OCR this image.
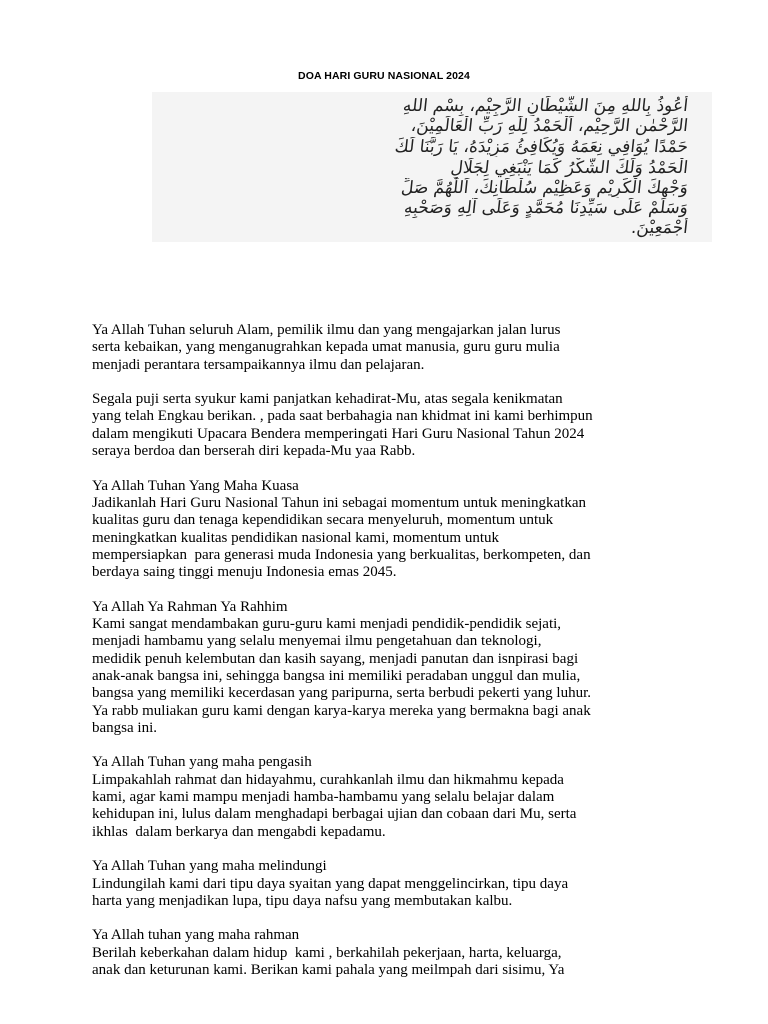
DOA HARI GURU NASIONAL 2024
أَعُوذُ بِاللهِ مِنَ الشَّيْطَانِ الرَّجِيْمِ، بِسْمِ اللهِ
الرَّحْمٰنِ الرَّحِيْمِ، اَلْحَمْدُ لِلّٰهِ رَبِّ الْعَالَمِيْنَ،
حَمْدًا يُوَافِي نِعَمَهُ وَيُكَافِئُ مَزِيْدَهُ، يَا رَبَّنَا لَكَ
الْحَمْدُ وَلَكَ الشُّكْرُ كَمَا يَنْبَغِي لِجَلَالِ
وَجْهِكَ الْكَرِيْمِ وَعَظِيْمِ سُلْطَانِكَ، اَللّٰهُمَّ صَلِّ
وَسَلِّمْ عَلَى سَيِّدِنَا مُحَمَّدٍ وَعَلَى آلِهِ وَصَحْبِهِ
أَجْمَعِيْنَ.
Ya Allah Tuhan seluruh Alam, pemilik ilmu dan yang mengajarkan jalan lurus
serta kebaikan, yang menganugrahkan kepada umat manusia, guru guru mulia
menjadi perantara tersampaikannya ilmu dan pelajaran.
Segala puji serta syukur kami panjatkan kehadirat-Mu, atas segala kenikmatan
yang telah Engkau berikan. , pada saat berbahagia nan khidmat ini kami berhimpun
dalam mengikuti Upacara Bendera memperingati Hari Guru Nasional Tahun 2024
seraya berdoa dan berserah diri kepada-Mu yaa Rabb.
Ya Allah Tuhan Yang Maha Kuasa
Jadikanlah Hari Guru Nasional Tahun ini sebagai momentum untuk meningkatkan
kualitas guru dan tenaga kependidikan secara menyeluruh, momentum untuk
meningkatkan kualitas pendidikan nasional kami, momentum untuk
mempersiapkan  para generasi muda Indonesia yang berkualitas, berkompeten, dan
berdaya saing tinggi menuju Indonesia emas 2045.
Ya Allah Ya Rahman Ya Rahhim
Kami sangat mendambakan guru-guru kami menjadi pendidik-pendidik sejati,
menjadi hambamu yang selalu menyemai ilmu pengetahuan dan teknologi,
medidik penuh kelembutan dan kasih sayang, menjadi panutan dan isnpirasi bagi
anak-anak bangsa ini, sehingga bangsa ini memiliki peradaban unggul dan mulia,
bangsa yang memiliki kecerdasan yang paripurna, serta berbudi pekerti yang luhur.
Ya rabb muliakan guru kami dengan karya-karya mereka yang bermakna bagi anak
bangsa ini.
Ya Allah Tuhan yang maha pengasih
Limpakahlah rahmat dan hidayahmu, curahkanlah ilmu dan hikmahmu kepada
kami, agar kami mampu menjadi hamba-hambamu yang selalu belajar dalam
kehidupan ini, lulus dalam menghadapi berbagai ujian dan cobaan dari Mu, serta
ikhlas  dalam berkarya dan mengabdi kepadamu.
Ya Allah Tuhan yang maha melindungi
Lindungilah kami dari tipu daya syaitan yang dapat menggelincirkan, tipu daya
harta yang menjadikan lupa, tipu daya nafsu yang membutakan kalbu.
Ya Allah tuhan yang maha rahman
Berilah keberkahan dalam hidup  kami , berkahilah pekerjaan, harta, keluarga,
anak dan keturunan kami. Berikan kami pahala yang meilmpah dari sisimu, Ya
